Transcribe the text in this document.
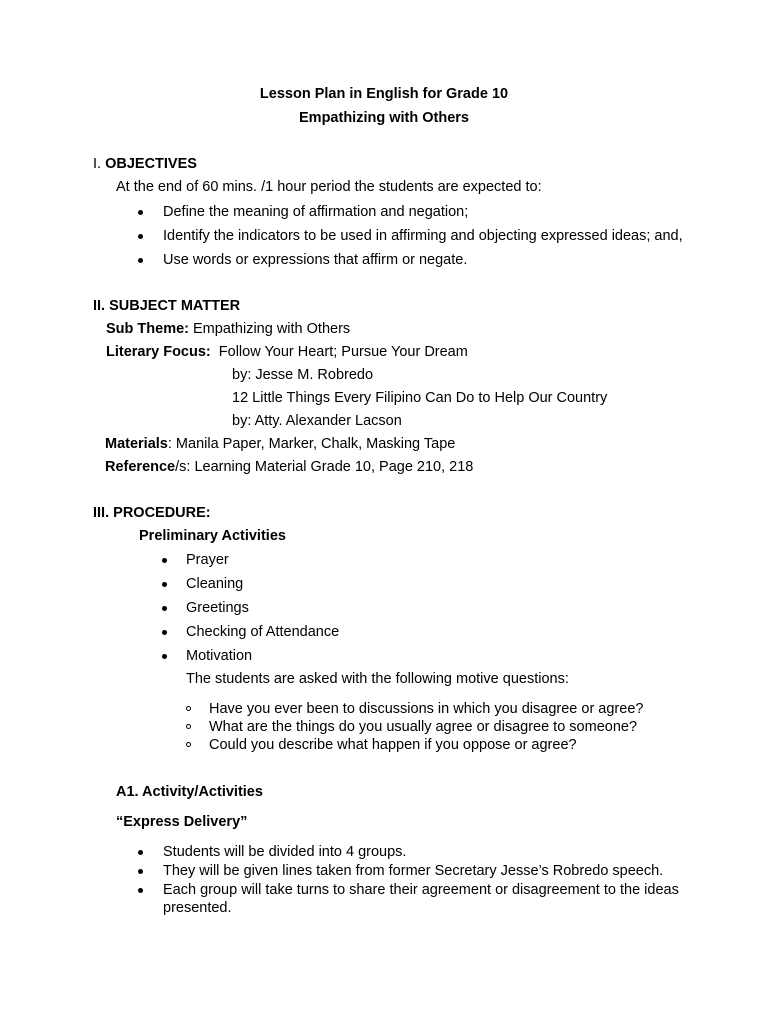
Lesson Plan in English for Grade 10
Empathizing with Others
I. OBJECTIVES
At the end of 60 mins. /1 hour period the students are expected to:
Define the meaning of affirmation and negation;
Identify the indicators to be used in affirming and objecting expressed ideas; and,
Use words or expressions that affirm or negate.
II. SUBJECT MATTER
Sub Theme: Empathizing with Others
Literary Focus: Follow Your Heart; Pursue Your Dream
by: Jesse M. Robredo
12 Little Things Every Filipino Can Do to Help Our Country
by: Atty. Alexander Lacson
Materials: Manila Paper, Marker, Chalk, Masking Tape
Reference/s: Learning Material Grade 10, Page 210, 218
III. PROCEDURE:
Preliminary Activities
Prayer
Cleaning
Greetings
Checking of Attendance
Motivation
The students are asked with the following motive questions:
Have you ever been to discussions in which you disagree or agree?
What are the things do you usually agree or disagree to someone?
Could you describe what happen if you oppose or agree?
A1. Activity/Activities
“Express Delivery”
Students will be divided into 4 groups.
They will be given lines taken from former Secretary Jesse’s Robredo speech.
Each group will take turns to share their agreement or disagreement to the ideas presented.
